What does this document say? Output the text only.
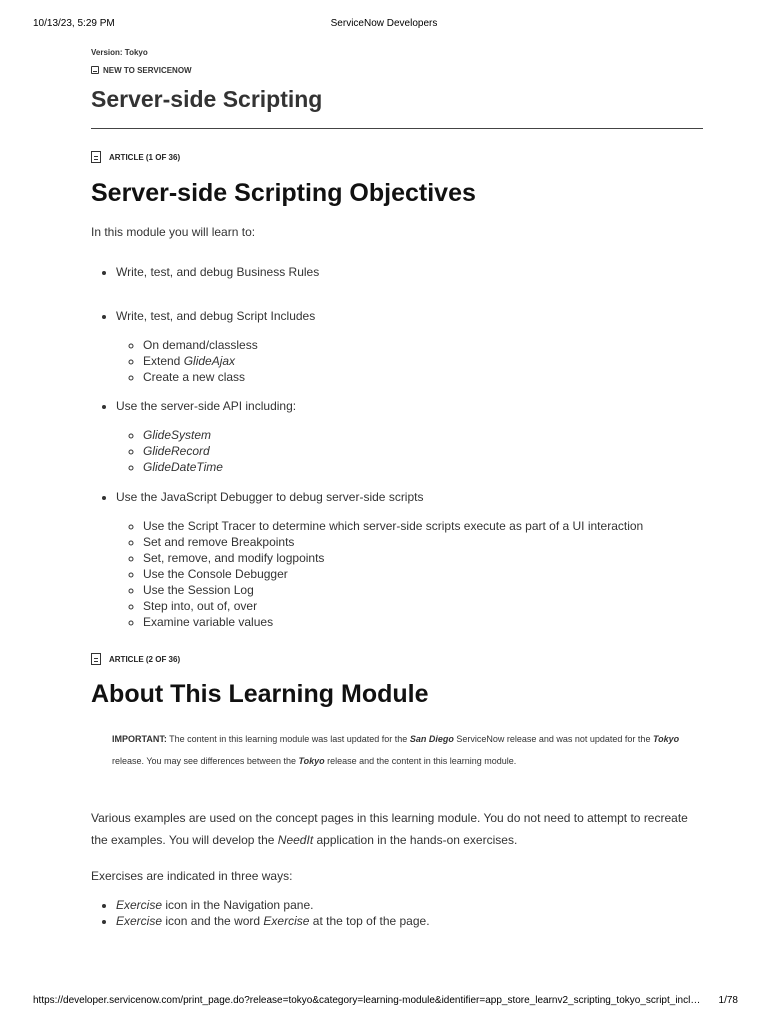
10/13/23, 5:29 PM	ServiceNow Developers
Version: Tokyo
NEW TO SERVICENOW
Server-side Scripting
ARTICLE (1 OF 36)
Server-side Scripting Objectives

In this module you will learn to:

• Write, test, and debug Business Rules
• Write, test, and debug Script Includes
◦ On demand/classless
◦ Extend GlideAjax
◦ Create a new class
• Use the server-side API including:
◦ GlideSystem
◦ GlideRecord
◦ GlideDateTime
• Use the JavaScript Debugger to debug server-side scripts
◦ Use the Script Tracer to determine which server-side scripts execute as part of a UI interaction
◦ Set and remove Breakpoints
◦ Set, remove, and modify logpoints
◦ Use the Console Debugger
◦ Use the Session Log
◦ Step into, out of, over
◦ Examine variable values
ARTICLE (2 OF 36)
About This Learning Module
IMPORTANT: The content in this learning module was last updated for the San Diego ServiceNow release and was not updated for the Tokyo release. You may see differences between the Tokyo release and the content in this learning module.

Various examples are used on the concept pages in this learning module. You do not need to attempt to recreate the examples. You will develop the NeedIt application in the hands-on exercises.

Exercises are indicated in three ways:

• Exercise icon in the Navigation pane.
• Exercise icon and the word Exercise at the top of the page.
https://developer.servicenow.com/print_page.do?release=tokyo&category=learning-module&identifier=app_store_learnv2_scripting_tokyo_script_incl… 1/78
